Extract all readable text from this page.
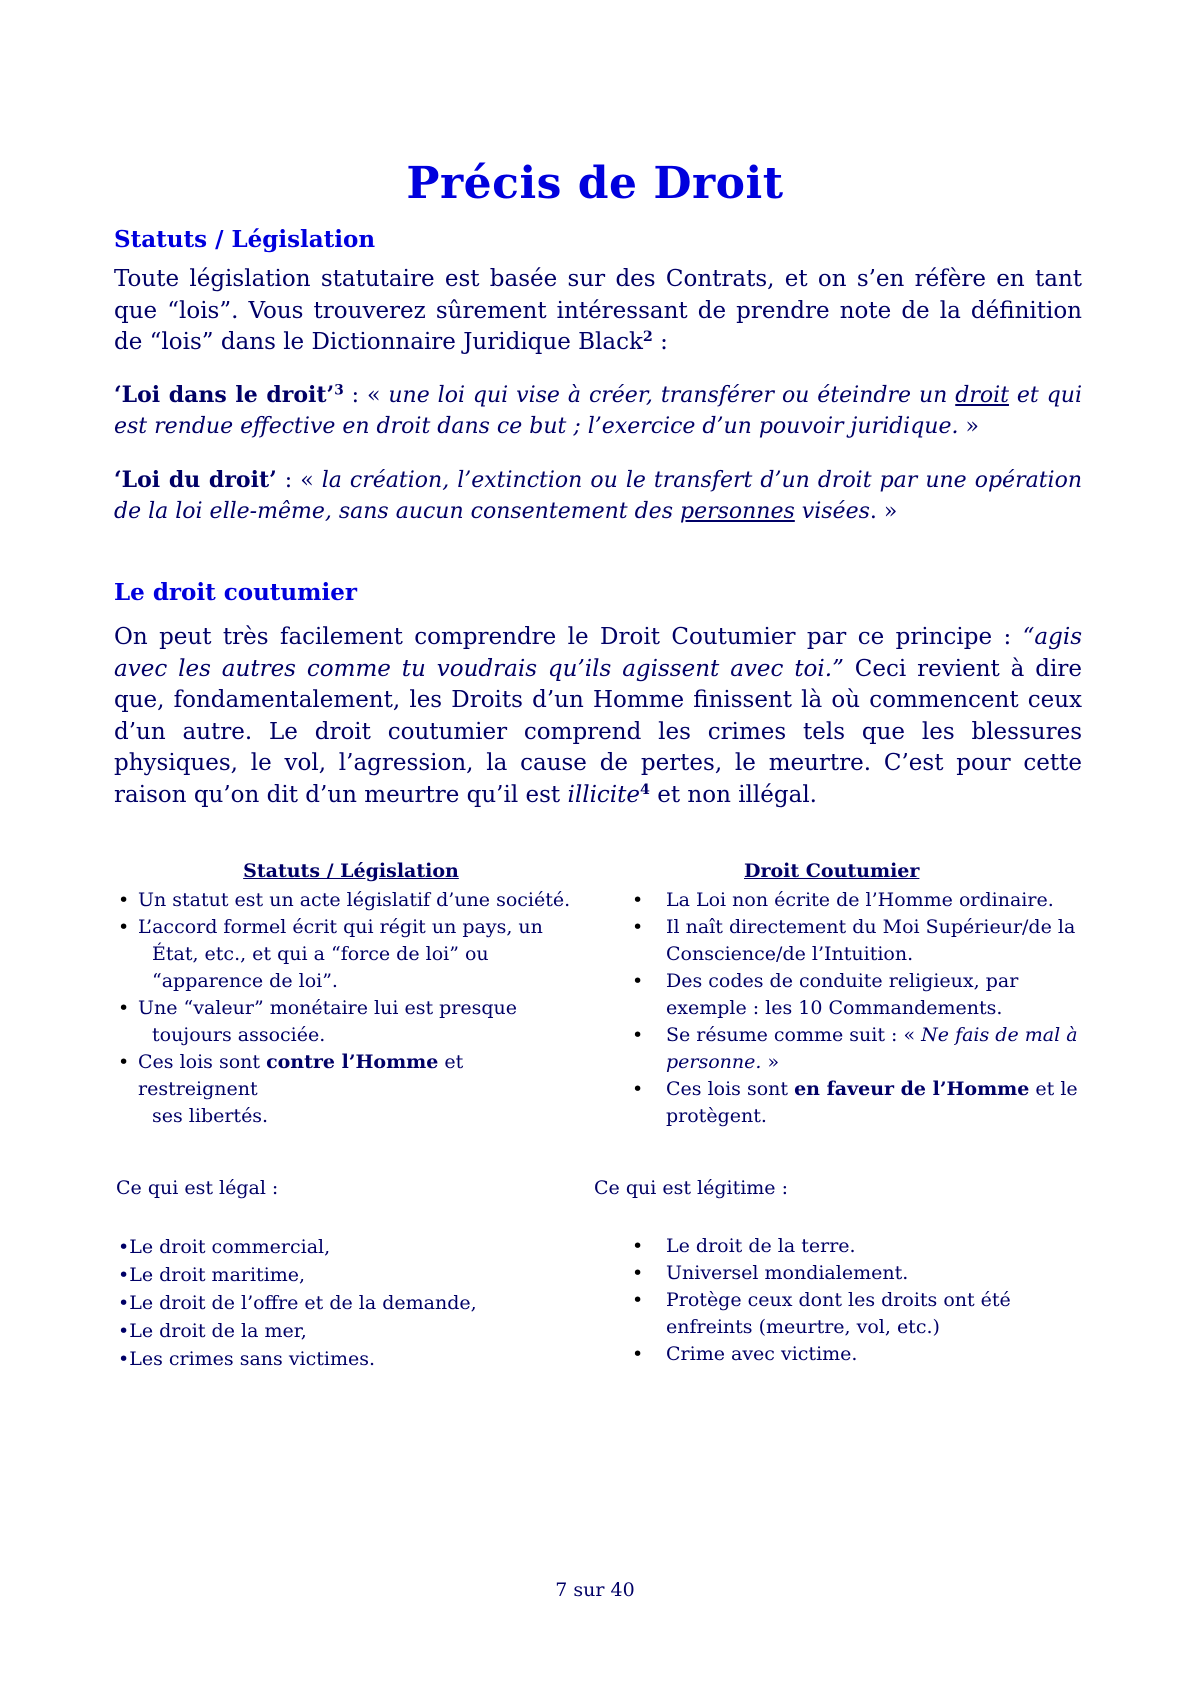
Précis de Droit
Statuts / Législation

Toute législation statutaire est basée sur des Contrats, et on s’en réfère en tant que “lois”. Vous trouverez sûrement intéressant de prendre note de la définition de “lois” dans le Dictionnaire Juridique Black$^2$ :

‘Loi dans le droit’$^3$ : « une loi qui vise à créer, transférer ou éteindre un droit et qui est rendue effective en droit dans ce but ; l’exercice d’un pouvoir juridique. »

‘Loi du droit’ : « la création, l’extinction ou le transfert d’un droit par une opération de la loi elle-même, sans aucun consentement des personnes visées. »

Le droit coutumier

On peut très facilement comprendre le Droit Coutumier par ce principe : “agis avec les autres comme tu voudrais qu’ils agissent avec toi.” Ceci revient à dire que, fondamentalement, les Droits d’un Homme finissent là où commencent ceux d’un autre. Le droit coutumier comprend les crimes tels que les blessures physiques, le vol, l’agression, la cause de pertes, le meurtre. C’est pour cette raison qu’on dit d’un meurtre qu’il est illicite$^4$ et non illégal.

Statuts / Législation
• Un statut est un acte législatif d’une société.
• L’accord formel écrit qui régit un pays, un
État, etc., et qui a “force de loi” ou “apparence de loi”.
• Une “valeur” monétaire lui est presque
toujours associée.
• Ces lois sont contre l’Homme et restreignent
ses libertés.
Droit Coutumier
• La Loi non écrite de l’Homme ordinaire.
• Il naît directement du Moi Supérieur/de la Conscience/de l’Intuition.
• Des codes de conduite religieux, par exemple : les 10 Commandements.
• Se résume comme suit : « Ne fais de mal à personne. »
• Ces lois sont en faveur de l’Homme et le protègent.

Ce qui est légal :	Ce qui est légitime :

•Le droit commercial,
•Le droit maritime,
•Le droit de l’offre et de la demande,
•Le droit de la mer,
•Les crimes sans victimes.
• Le droit de la terre.
• Universel mondialement.
• Protège ceux dont les droits ont été enfreints (meurtre, vol, etc.)
• Crime avec victime.
7 sur 40
